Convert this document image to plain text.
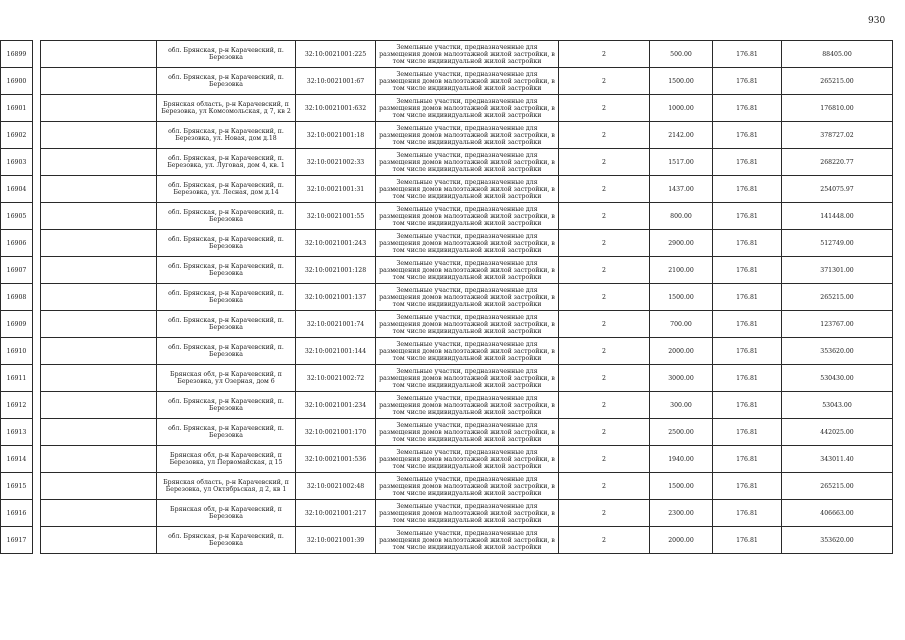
930
16899			обл. Брянская, р-н Карачевский, п. Березовка	32:10:0021001:225	Земельные участки, предназначенные для размещения домов малоэтажной жилой застройки, в том числе индивидуальной жилой застройки	2	500.00	176.81	88405.00
16900			обл. Брянская, р-н Карачевский, п. Березовка	32:10:0021001:67	Земельные участки, предназначенные для размещения домов малоэтажной жилой застройки, в том числе индивидуальной жилой застройки	2	1500.00	176.81	265215.00
16901			Брянская область, р-н Карачевский, п Березовка, ул Комсомольская, д 7, кв 2	32:10:0021001:632	Земельные участки, предназначенные для размещения домов малоэтажной жилой застройки, в том числе индивидуальной жилой застройки	2	1000.00	176.81	176810.00
16902			обл. Брянская, р-н Карачевский, п. Березовка, ул. Новая, дом д.18	32:10:0021001:18	Земельные участки, предназначенные для размещения домов малоэтажной жилой застройки, в том числе индивидуальной жилой застройки	2	2142.00	176.81	378727.02
16903			обл. Брянская, р-н Карачевский, п. Березовка, ул. Луговая, дом 4, кв. 1	32:10:0021002:33	Земельные участки, предназначенные для размещения домов малоэтажной жилой застройки, в том числе индивидуальной жилой застройки	2	1517.00	176.81	268220.77
16904			обл. Брянская, р-н Карачевский, п. Березовка, ул. Лесная, дом д.14	32:10:0021001:31	Земельные участки, предназначенные для размещения домов малоэтажной жилой застройки, в том числе индивидуальной жилой застройки	2	1437.00	176.81	254075.97
16905			обл. Брянская, р-н Карачевский, п. Березовка	32:10:0021001:55	Земельные участки, предназначенные для размещения домов малоэтажной жилой застройки, в том числе индивидуальной жилой застройки	2	800.00	176.81	141448.00
16906			обл. Брянская, р-н Карачевский, п. Березовка	32:10:0021001:243	Земельные участки, предназначенные для размещения домов малоэтажной жилой застройки, в том числе индивидуальной жилой застройки	2	2900.00	176.81	512749.00
16907			обл. Брянская, р-н Карачевский, п. Березовка	32:10:0021001:128	Земельные участки, предназначенные для размещения домов малоэтажной жилой застройки, в том числе индивидуальной жилой застройки	2	2100.00	176.81	371301.00
16908			обл. Брянская, р-н Карачевский, п. Березовка	32:10:0021001:137	Земельные участки, предназначенные для размещения домов малоэтажной жилой застройки, в том числе индивидуальной жилой застройки	2	1500.00	176.81	265215.00
16909			обл. Брянская, р-н Карачевский, п. Березовка	32:10:0021001:74	Земельные участки, предназначенные для размещения домов малоэтажной жилой застройки, в том числе индивидуальной жилой застройки	2	700.00	176.81	123767.00
16910			обл. Брянская, р-н Карачевский, п. Березовка	32:10:0021001:144	Земельные участки, предназначенные для размещения домов малоэтажной жилой застройки, в том числе индивидуальной жилой застройки	2	2000.00	176.81	353620.00
16911			Брянская обл, р-н Карачевский, п Березовка, ул Озерная, дом 6	32:10:0021002:72	Земельные участки, предназначенные для размещения домов малоэтажной жилой застройки, в том числе индивидуальной жилой застройки	2	3000.00	176.81	530430.00
16912			обл. Брянская, р-н Карачевский, п. Березовка	32:10:0021001:234	Земельные участки, предназначенные для размещения домов малоэтажной жилой застройки, в том числе индивидуальной жилой застройки	2	300.00	176.81	53043.00
16913			обл. Брянская, р-н Карачевский, п. Березовка	32:10:0021001:170	Земельные участки, предназначенные для размещения домов малоэтажной жилой застройки, в том числе индивидуальной жилой застройки	2	2500.00	176.81	442025.00
16914			Брянская обл, р-н Карачевский, п Березовка, ул Первомайская, д 15	32:10:0021001:536	Земельные участки, предназначенные для размещения домов малоэтажной жилой застройки, в том числе индивидуальной жилой застройки	2	1940.00	176.81	343011.40
16915			Брянская область, р-н Карачевский, п Березовка, ул Октябрьская, д 2, кв 1	32:10:0021002:48	Земельные участки, предназначенные для размещения домов малоэтажной жилой застройки, в том числе индивидуальной жилой застройки	2	1500.00	176.81	265215.00
16916			Брянская обл, р-н Карачевский, п Березовка	32:10:0021001:217	Земельные участки, предназначенные для размещения домов малоэтажной жилой застройки, в том числе индивидуальной жилой застройки	2	2300.00	176.81	406663.00
16917			обл. Брянская, р-н Карачевский, п. Березовка	32:10:0021001:39	Земельные участки, предназначенные для размещения домов малоэтажной жилой застройки, в том числе индивидуальной жилой застройки	2	2000.00	176.81	353620.00
